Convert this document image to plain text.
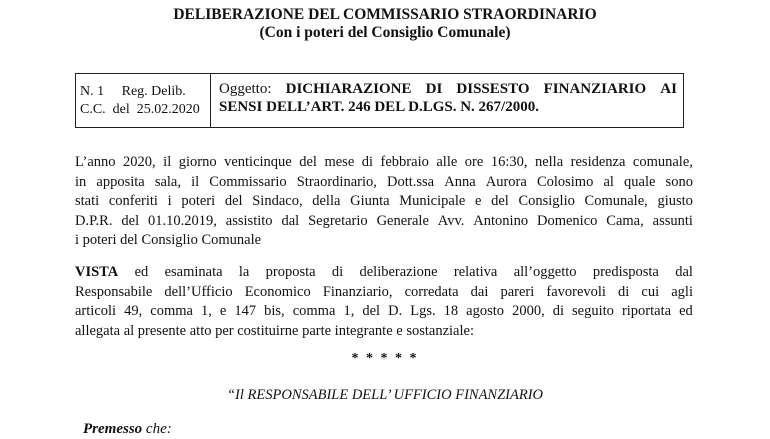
DELIBERAZIONE DEL COMMISSARIO STRAORDINARIO
(Con i poteri del Consiglio Comunale)
N. 1     Reg. Delib.
C.C.  del  25.02.2020
Oggetto: DICHIARAZIONE DI DISSESTO FINANZIARIO AI
SENSI DELL’ART. 246 DEL D.LGS. N. 267/2000.
L’anno 2020, il giorno venticinque del mese di febbraio alle ore 16:30, nella residenza comunale,
in apposita sala, il Commissario Straordinario, Dott.ssa Anna Aurora Colosimo al quale sono
stati conferiti i poteri del Sindaco, della Giunta Municipale e del Consiglio Comunale, giusto
D.P.R. del 01.10.2019, assistito dal Segretario Generale Avv. Antonino Domenico Cama, assunti
i poteri del Consiglio Comunale
VISTA ed esaminata la proposta di deliberazione relativa all’oggetto predisposta dal
Responsabile dell’Ufficio Economico Finanziario, corredata dai pareri favorevoli di cui agli
articoli 49, comma 1, e 147 bis, comma 1, del D. Lgs. 18 agosto 2000, di seguito riportata ed
allegata al presente atto per costituirne parte integrante e sostanziale:
* * * * *
“Il RESPONSABILE DELL’ UFFICIO FINANZIARIO
Premesso che:
